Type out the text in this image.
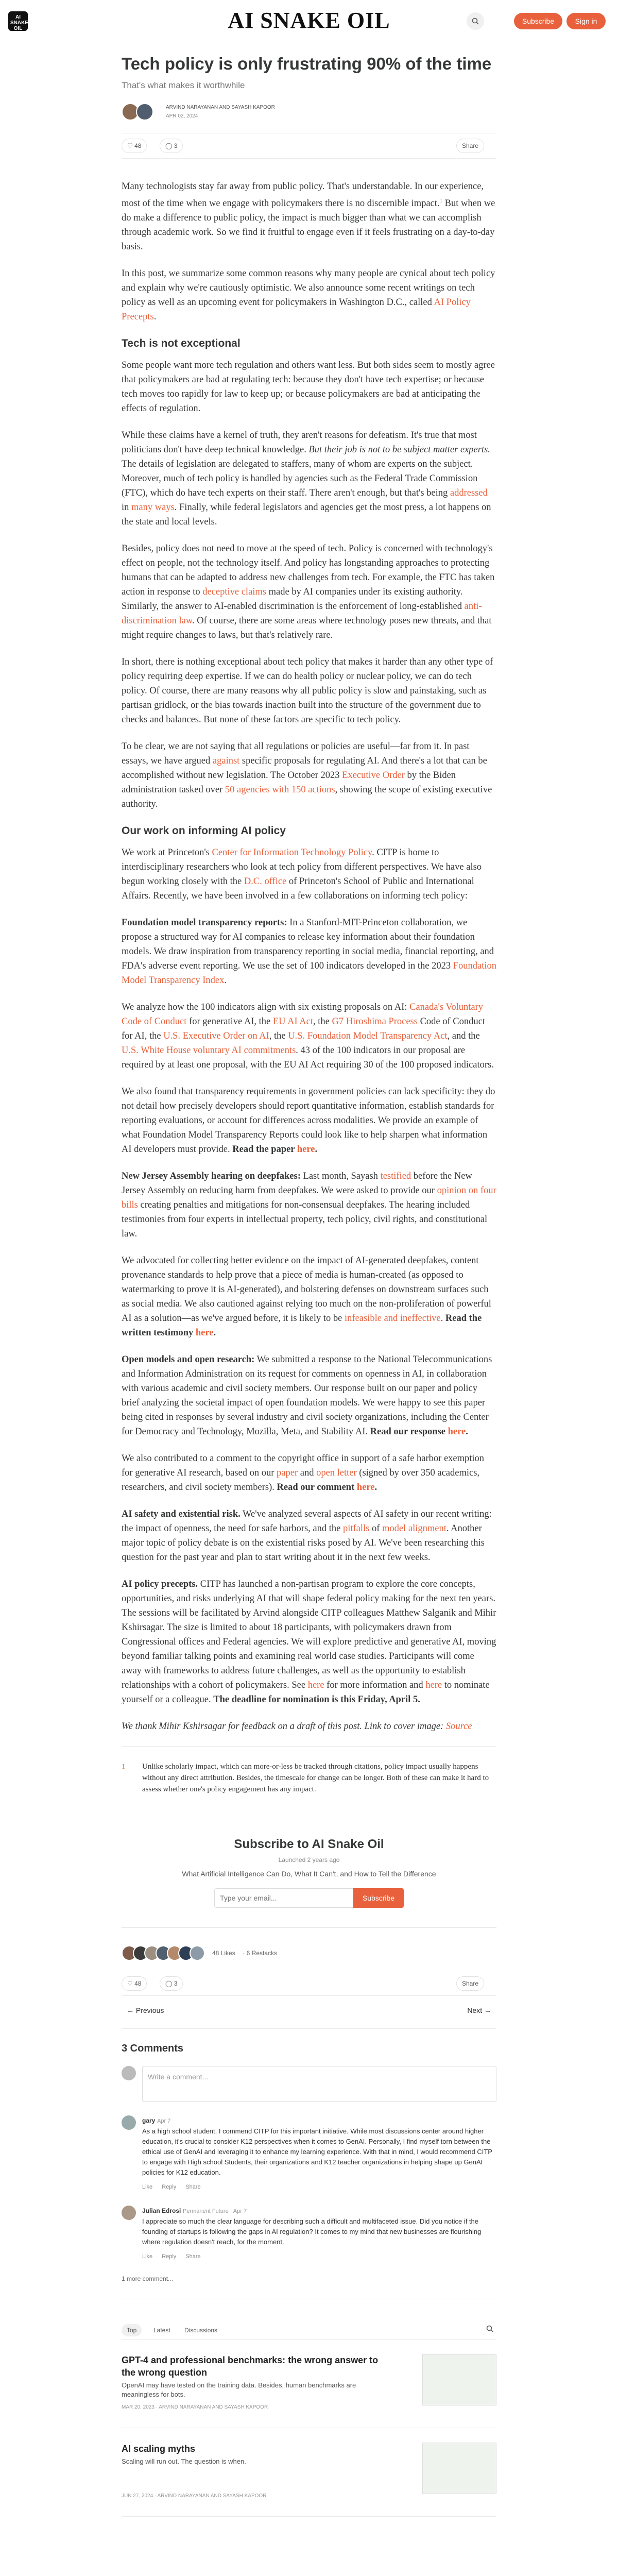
AI SNAKE OIL	AI SNAKE OIL	Subscribe	Sign in
Tech policy is only frustrating 90% of the time
That's what makes it worthwhile
ARVIND NARAYANAN AND SAYASH KAPOOR
APR 02, 2024
♡ 48	◯ 3	Share

Many technologists stay far away from public policy. That's understandable. In our experience, most of the time when we engage with policymakers there is no discernible impact.$^1$ But when we do make a difference to public policy, the impact is much bigger than what we can accomplish through academic work. So we find it fruitful to engage even if it feels frustrating on a day-to-day basis.

In this post, we summarize some common reasons why many people are cynical about tech policy and explain why we're cautiously optimistic. We also announce some recent writings on tech policy as well as an upcoming event for policymakers in Washington D.C., called AI Policy Precepts.

Tech is not exceptional

Some people want more tech regulation and others want less. But both sides seem to mostly agree that policymakers are bad at regulating tech: because they don't have tech expertise; or because tech moves too rapidly for law to keep up; or because policymakers are bad at anticipating the effects of regulation.

While these claims have a kernel of truth, they aren't reasons for defeatism. It's true that most politicians don't have deep technical knowledge. But their job is not to be subject matter experts. The details of legislation are delegated to staffers, many of whom are experts on the subject. Moreover, much of tech policy is handled by agencies such as the Federal Trade Commission (FTC), which do have tech experts on their staff. There aren't enough, but that's being addressed in many ways. Finally, while federal legislators and agencies get the most press, a lot happens on the state and local levels.

Besides, policy does not need to move at the speed of tech. Policy is concerned with technology's effect on people, not the technology itself. And policy has longstanding approaches to protecting humans that can be adapted to address new challenges from tech. For example, the FTC has taken action in response to deceptive claims made by AI companies under its existing authority. Similarly, the answer to AI-enabled discrimination is the enforcement of long-established anti-discrimination law. Of course, there are some areas where technology poses new threats, and that might require changes to laws, but that's relatively rare.

In short, there is nothing exceptional about tech policy that makes it harder than any other type of policy requiring deep expertise. If we can do health policy or nuclear policy, we can do tech policy. Of course, there are many reasons why all public policy is slow and painstaking, such as partisan gridlock, or the bias towards inaction built into the structure of the government due to checks and balances. But none of these factors are specific to tech policy.

To be clear, we are not saying that all regulations or policies are useful—far from it. In past essays, we have argued against specific proposals for regulating AI. And there's a lot that can be accomplished without new legislation. The October 2023 Executive Order by the Biden administration tasked over 50 agencies with 150 actions, showing the scope of existing executive authority.

Our work on informing AI policy

We work at Princeton's Center for Information Technology Policy. CITP is home to interdisciplinary researchers who look at tech policy from different perspectives. We have also begun working closely with the D.C. office of Princeton's School of Public and International Affairs. Recently, we have been involved in a few collaborations on informing tech policy:

Foundation model transparency reports: In a Stanford-MIT-Princeton collaboration, we propose a structured way for AI companies to release key information about their foundation models. We draw inspiration from transparency reporting in social media, financial reporting, and FDA's adverse event reporting. We use the set of 100 indicators developed in the 2023 Foundation Model Transparency Index.

We analyze how the 100 indicators align with six existing proposals on AI: Canada's Voluntary Code of Conduct for generative AI, the EU AI Act, the G7 Hiroshima Process Code of Conduct for AI, the U.S. Executive Order on AI, the U.S. Foundation Model Transparency Act, and the U.S. White House voluntary AI commitments. 43 of the 100 indicators in our proposal are required by at least one proposal, with the EU AI Act requiring 30 of the 100 proposed indicators.

We also found that transparency requirements in government policies can lack specificity: they do not detail how precisely developers should report quantitative information, establish standards for reporting evaluations, or account for differences across modalities. We provide an example of what Foundation Model Transparency Reports could look like to help sharpen what information AI developers must provide. Read the paper here.

New Jersey Assembly hearing on deepfakes: Last month, Sayash testified before the New Jersey Assembly on reducing harm from deepfakes. We were asked to provide our opinion on four bills creating penalties and mitigations for non-consensual deepfakes. The hearing included testimonies from four experts in intellectual property, tech policy, civil rights, and constitutional law.

We advocated for collecting better evidence on the impact of AI-generated deepfakes, content provenance standards to help prove that a piece of media is human-created (as opposed to watermarking to prove it is AI-generated), and bolstering defenses on downstream surfaces such as social media. We also cautioned against relying too much on the non-proliferation of powerful AI as a solution—as we've argued before, it is likely to be infeasible and ineffective. Read the written testimony here.

Open models and open research: We submitted a response to the National Telecommunications and Information Administration on its request for comments on openness in AI, in collaboration with various academic and civil society members. Our response built on our paper and policy brief analyzing the societal impact of open foundation models. We were happy to see this paper being cited in responses by several industry and civil society organizations, including the Center for Democracy and Technology, Mozilla, Meta, and Stability AI. Read our response here.

We also contributed to a comment to the copyright office in support of a safe harbor exemption for generative AI research, based on our paper and open letter (signed by over 350 academics, researchers, and civil society members). Read our comment here.

AI safety and existential risk. We've analyzed several aspects of AI safety in our recent writing: the impact of openness, the need for safe harbors, and the pitfalls of model alignment. Another major topic of policy debate is on the existential risks posed by AI. We've been researching this question for the past year and plan to start writing about it in the next few weeks.

AI policy precepts. CITP has launched a non-partisan program to explore the core concepts, opportunities, and risks underlying AI that will shape federal policy making for the next ten years. The sessions will be facilitated by Arvind alongside CITP colleagues Matthew Salganik and Mihir Kshirsagar. The size is limited to about 18 participants, with policymakers drawn from Congressional offices and Federal agencies. We will explore predictive and generative AI, moving beyond familiar talking points and examining real world case studies. Participants will come away with frameworks to address future challenges, as well as the opportunity to establish relationships with a cohort of policymakers. See here for more information and here to nominate yourself or a colleague. The deadline for nomination is this Friday, April 5.

We thank Mihir Kshirsagar for feedback on a draft of this post. Link to cover image: Source

1	Unlike scholarly impact, which can more-or-less be tracked through citations, policy impact usually happens without any direct attribution. Besides, the timescale for change can be longer. Both of these can make it hard to assess whether one's policy engagement has any impact.
Subscribe to AI Snake Oil
Launched 2 years ago
What Artificial Intelligence Can Do, What It Can't, and How to Tell the Difference
Type your email...
Subscribe
48 Likes ∙ 6 Restacks
♡ 48	◯ 3	Share
← Previous	Next →
3 Comments
Write a comment...
gary Apr 7
As a high school student, I commend CITP for this important initiative. While most discussions center around higher education, it's crucial to consider K12 perspectives when it comes to GenAI. Personally, I find myself torn between the ethical use of GenAI and leveraging it to enhance my learning experience. With that in mind, I would recommend CITP to engage with High school Students, their organizations and K12 teacher organizations in helping shape up GenAI policies for K12 education.
Like Reply Share
Julian Edrosi Permanent Future · Apr 7
I appreciate so much the clear language for describing such a difficult and multifaceted issue. Did you notice if the founding of startups is following the gaps in AI regulation? It comes to my mind that new businesses are flourishing where regulation doesn't reach, for the moment.
Like Reply Share
1 more comment...
Top	Latest	Discussions
GPT-4 and professional benchmarks: the wrong answer to the wrong question
OpenAI may have tested on the training data. Besides, human benchmarks are meaningless for bots.
MAR 20, 2023 · ARVIND NARAYANAN AND SAYASH KAPOOR
AI scaling myths
Scaling will run out. The question is when.
JUN 27, 2024 · ARVIND NARAYANAN AND SAYASH KAPOOR
